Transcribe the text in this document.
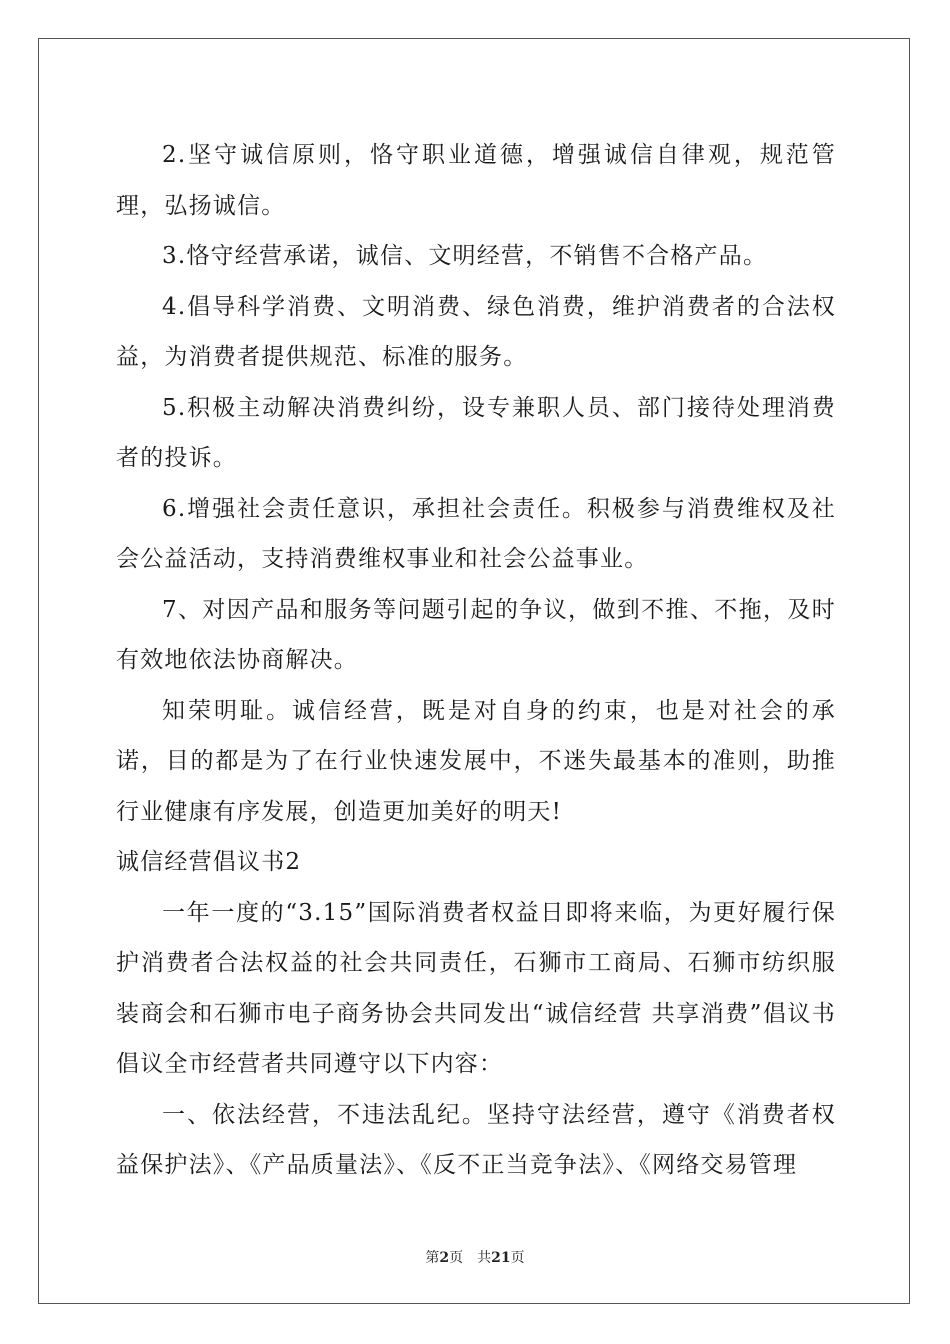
2.坚守诚信原则，恪守职业道德，增强诚信自律观，规范管理，弘扬诚信。

3.恪守经营承诺，诚信、文明经营，不销售不合格产品。

4.倡导科学消费、文明消费、绿色消费，维护消费者的合法权益，为消费者提供规范、标准的服务。

5.积极主动解决消费纠纷，设专兼职人员、部门接待处理消费者的投诉。

6.增强社会责任意识，承担社会责任。积极参与消费维权及社会公益活动，支持消费维权事业和社会公益事业。

7、对因产品和服务等问题引起的争议，做到不推、不拖，及时有效地依法协商解决。

知荣明耻。诚信经营，既是对自身的约束，也是对社会的承诺，目的都是为了在行业快速发展中，不迷失最基本的准则，助推行业健康有序发展，创造更加美好的明天!

诚信经营倡议书2

一年一度的“3.15”国际消费者权益日即将来临，为更好履行保护消费者合法权益的社会共同责任，石狮市工商局、石狮市纺织服装商会和石狮市电子商务协会共同发出“诚信经营 共享消费”倡议书倡议全市经营者共同遵守以下内容：

一、依法经营，不违法乱纪。坚持守法经营，遵守《消费者权益保护法》、《产品质量法》、《反不正当竞争法》、《网络交易管理

第2页 共21页
